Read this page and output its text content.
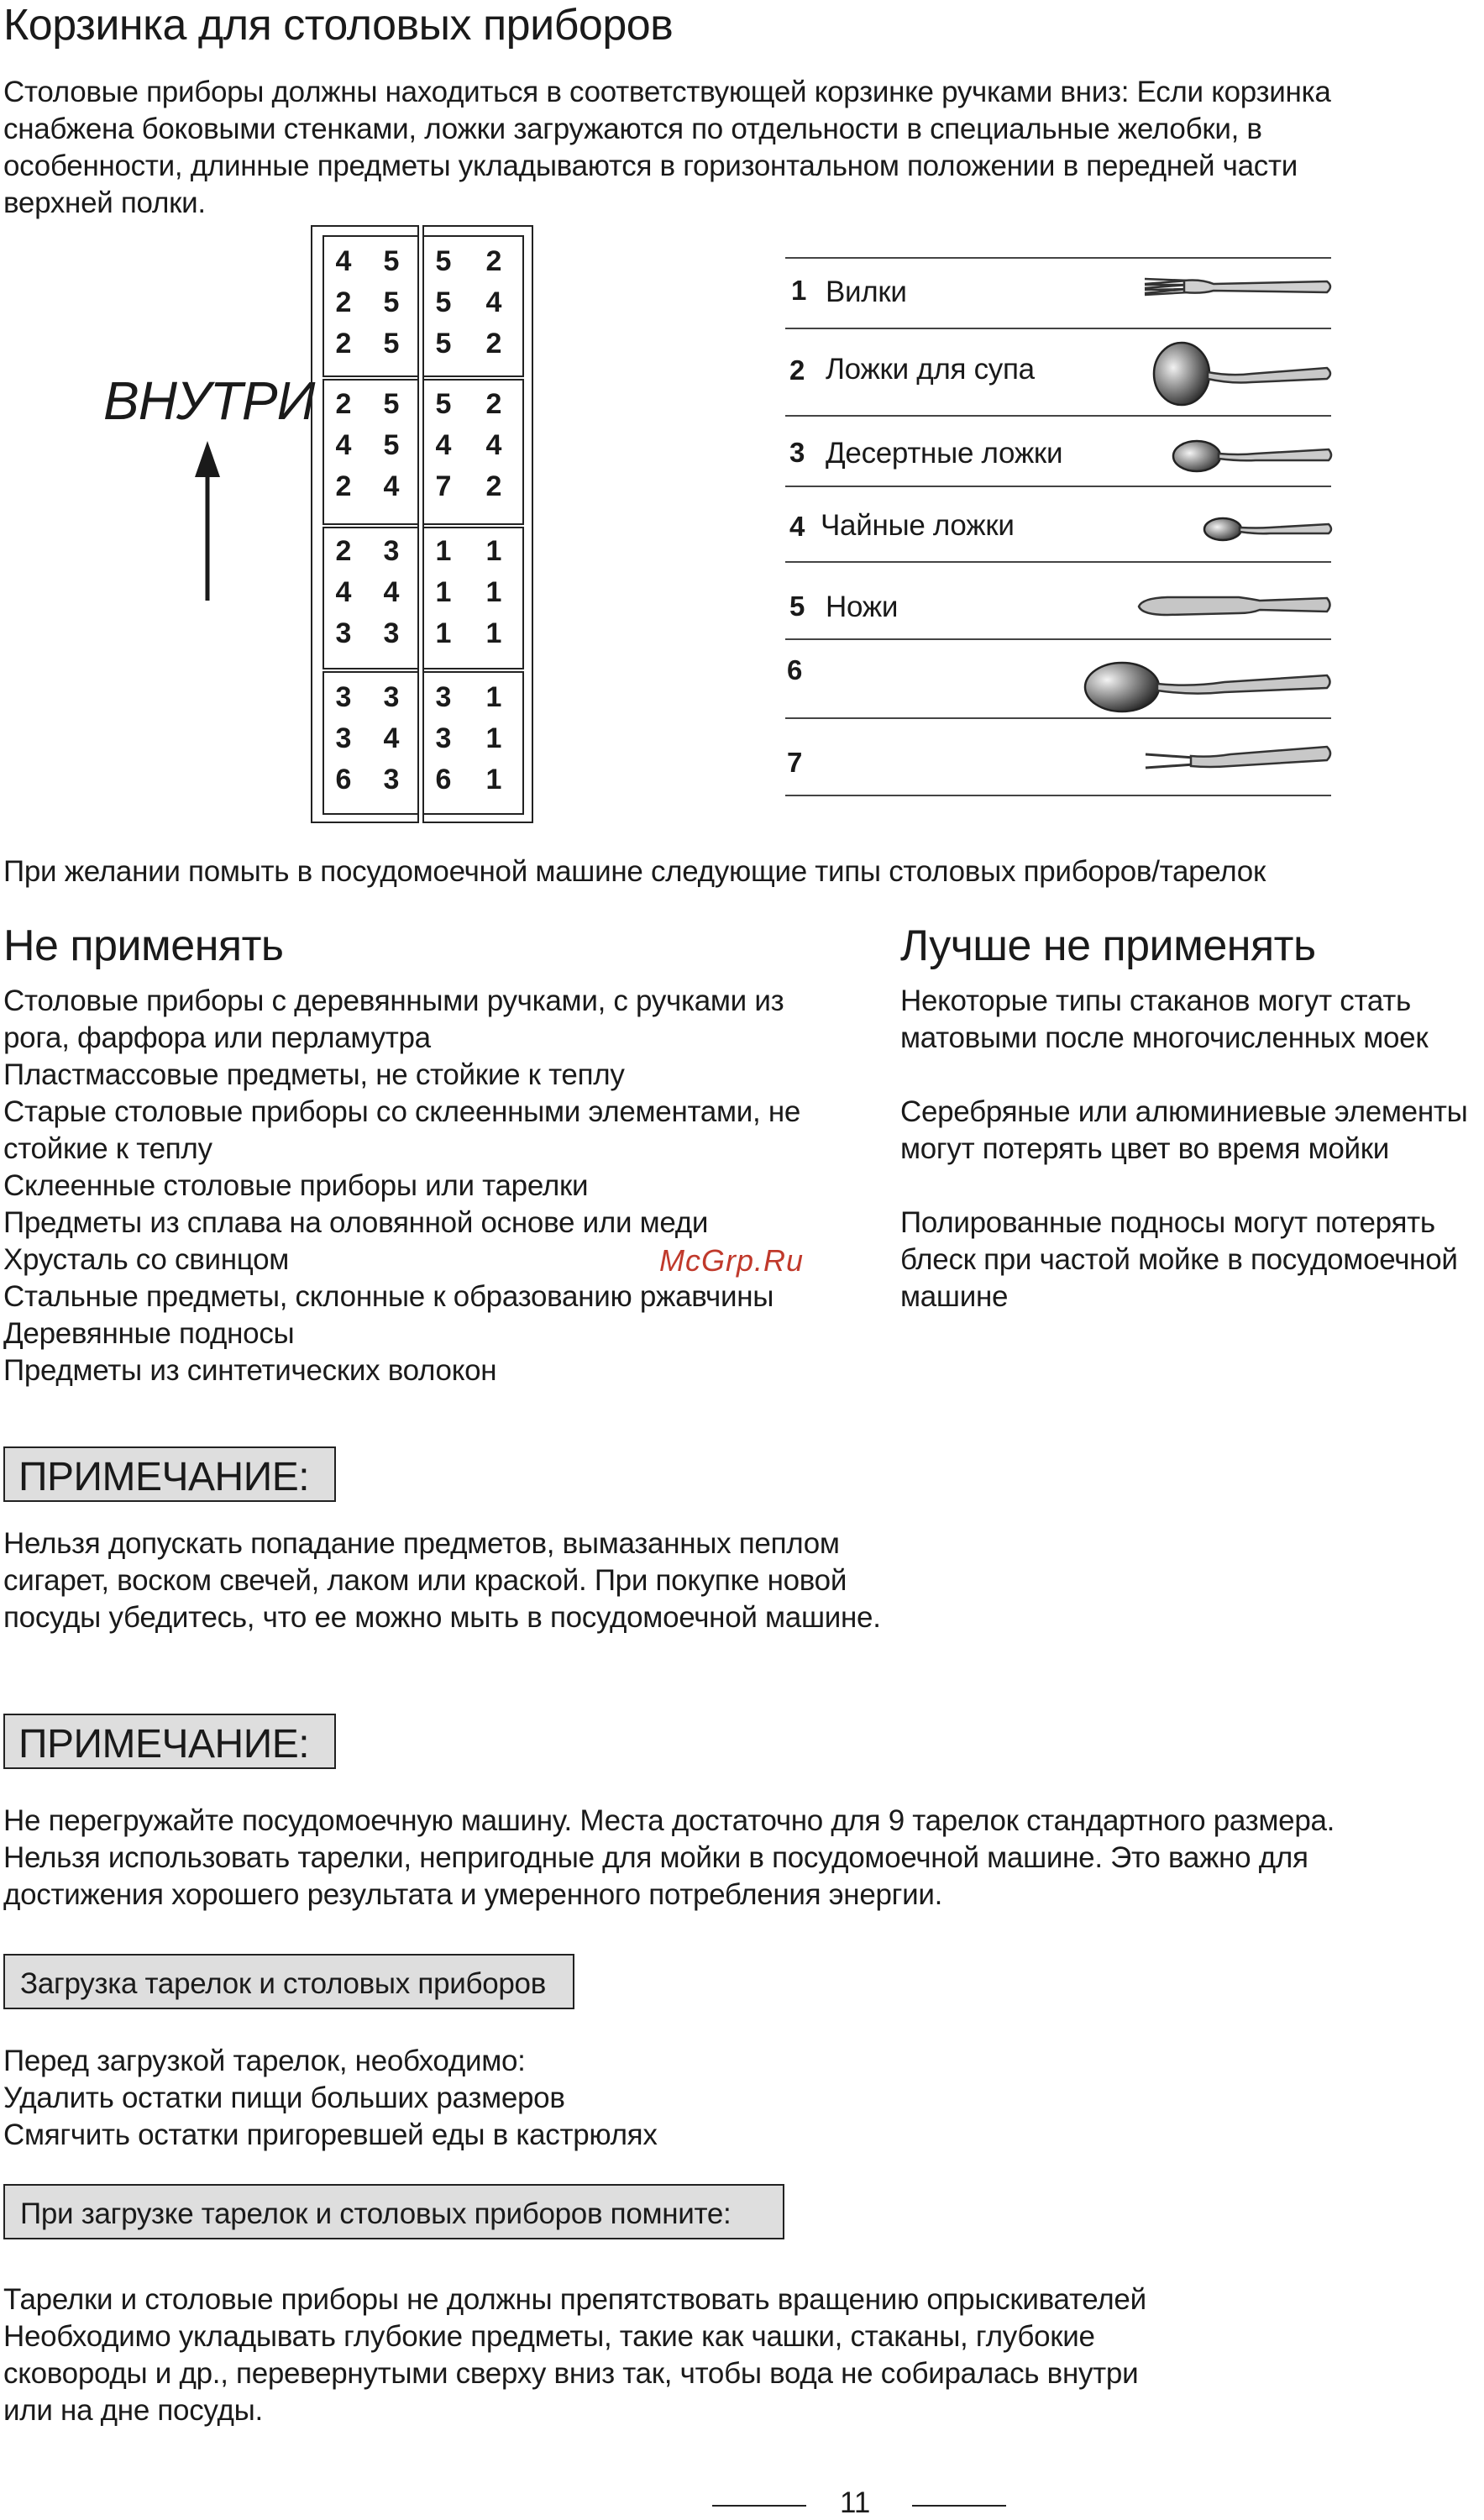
Корзинка для столовых приборов
Столовые приборы должны находиться в соответствующей корзинке ручками вниз: Если корзинка
снабжена боковыми стенками, ложки загружаются по отдельности в специальные желобки, в
особенности, длинные предметы укладываются в горизонтальном положении в передней части
верхней полки.
ВНУТРИ
4
2
2
2
4
2
2
4
3
3
3
6
5
5
5
5
5
4
3
4
3
3
4
3
5
5
5
5
4
7
1
1
1
3
3
6
2
4
2
2
4
2
1
1
1
1
1
1
1 Вилки
2 Ложки для супа
3 Десертные ложки
4 Чайные ложки
5 Ножи
6
7
При желании помыть в посудомоечной машине следующие типы столовых приборов/тарелок
Не применять
Столовые приборы с деревянными ручками, с ручками из
рога, фарфора или перламутра
Пластмассовые предметы, не стойкие к теплу
Старые столовые приборы со склеенными элементами, не
стойкие к теплу
Склеенные столовые приборы или тарелки
Предметы из сплава на оловянной основе или меди
Хрусталь со свинцом
Стальные предметы, склонные к образованию ржавчины
Деревянные подносы
Предметы из синтетических волокон
Лучше не применять
Некоторые типы стаканов могут стать
матовыми после многочисленных моек
Серебряные или алюминиевые элементы
могут потерять цвет во время мойки
Полированные подносы могут потерять
блеск при частой мойке в посудомоечной
машине
McGrp.Ru
ПРИМЕЧАНИЕ:
Нельзя допускать попадание предметов, вымазанных пеплом
сигарет, воском свечей, лаком или краской. При покупке новой
посуды убедитесь, что ее можно мыть в посудомоечной машине.
ПРИМЕЧАНИЕ:
Не перегружайте посудомоечную машину. Места достаточно для 9 тарелок стандартного размера.
Нельзя использовать тарелки, непригодные для мойки в посудомоечной машине. Это важно для
достижения хорошего результата и умеренного потребления энергии.
Загрузка тарелок и столовых приборов
Перед загрузкой тарелок, необходимо:
Удалить остатки пищи больших размеров
Смягчить остатки пригоревшей еды в кастрюлях
При загрузке тарелок и столовых приборов помните:
Тарелки и столовые приборы не должны препятствовать вращению опрыскивателей
Необходимо укладывать глубокие предметы, такие как чашки, стаканы, глубокие
сковороды и др., перевернутыми сверху вниз так, чтобы вода не собиралась внутри
или на дне посуды.
11
